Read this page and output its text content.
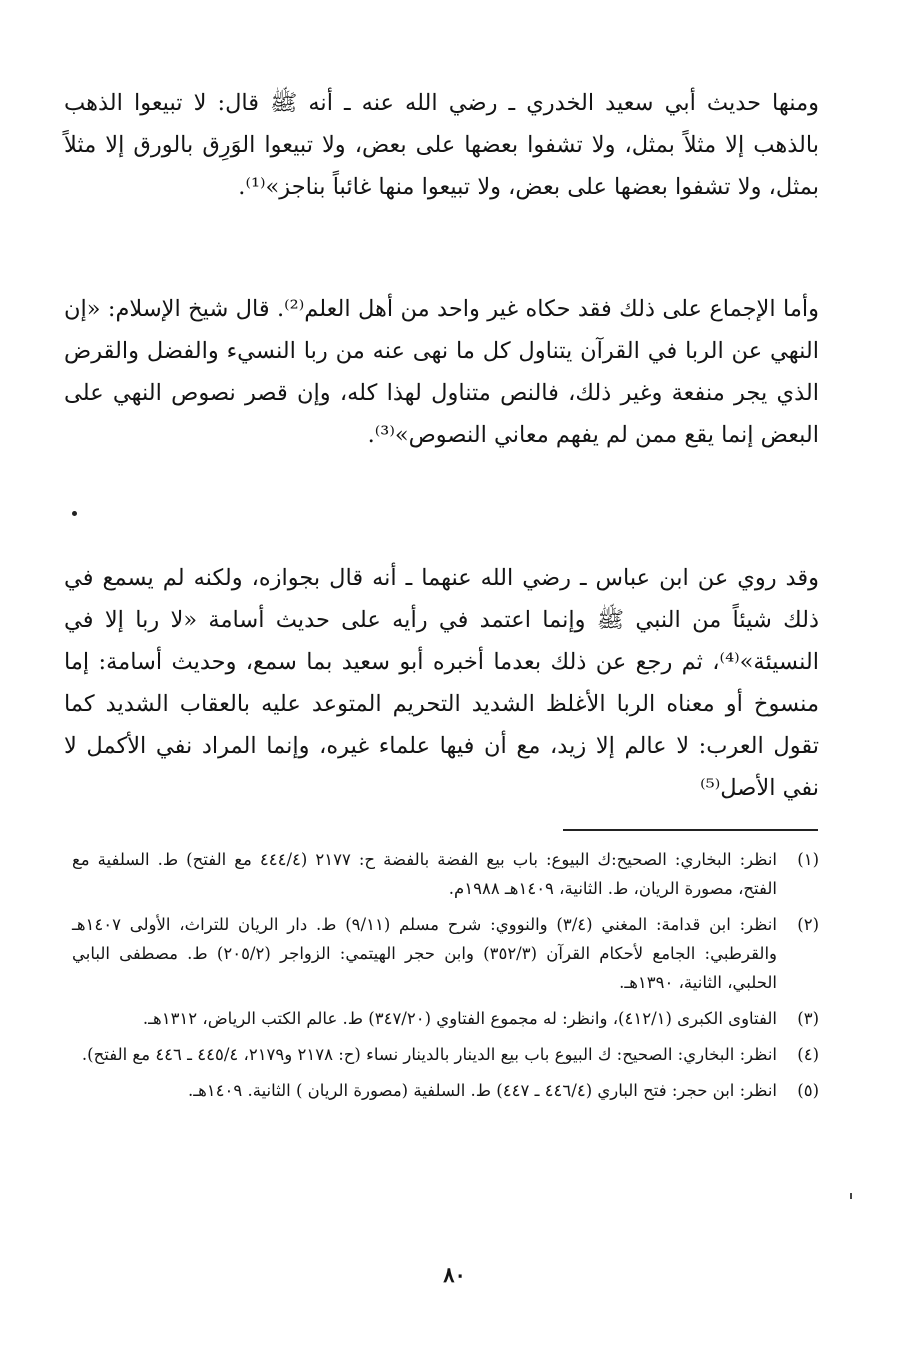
ومنها حديث أبي سعيد الخدري ـ رضي الله عنه ـ أنه ﷺ قال: لا تبيعوا الذهب بالذهب إلا مثلاً بمثل، ولا تشفوا بعضها على بعض، ولا تبيعوا الوَرِق بالورق إلا مثلاً بمثل، ولا تشفوا بعضها على بعض، ولا تبيعوا منها غائباً بناجز»⁽¹⁾.
وأما الإجماع على ذلك فقد حكاه غير واحد من أهل العلم⁽²⁾. قال شيخ الإسلام: «إن النهي عن الربا في القرآن يتناول كل ما نهى عنه من ربا النسيء والفضل والقرض الذي يجر منفعة وغير ذلك، فالنص متناول لهذا كله، وإن قصر نصوص النهي على البعض إنما يقع ممن لم يفهم معاني النصوص»⁽³⁾.
وقد روي عن ابن عباس ـ رضي الله عنهما ـ أنه قال بجوازه، ولكنه لم يسمع في ذلك شيئاً من النبي ﷺ وإنما اعتمد في رأيه على حديث أسامة «لا ربا إلا في النسيئة»⁽⁴⁾، ثم رجع عن ذلك بعدما أخبره أبو سعيد بما سمع، وحديث أسامة: إما منسوخ أو معناه الربا الأغلظ الشديد التحريم المتوعد عليه بالعقاب الشديد كما تقول العرب: لا عالم إلا زيد، مع أن فيها علماء غيره، وإنما المراد نفي الأكمل لا نفي الأصل⁽⁵⁾
(١)
انظر: البخاري: الصحيح:ك البيوع: باب بيع الفضة بالفضة ح: ٢١٧٧ (٤٤٤/٤ مع الفتح) ط. السلفية مع الفتح، مصورة الريان، ط. الثانية، ١٤٠٩هـ ١٩٨٨م.
(٢)
انظر: ابن قدامة: المغني (٣/٤) والنووي: شرح مسلم (٩/١١) ط. دار الريان للتراث، الأولى ١٤٠٧هـ والقرطبي: الجامع لأحكام القرآن (٣٥٢/٣) وابن حجر الهيتمي: الزواجر (٢٠٥/٢) ط. مصطفى البابي الحلبي، الثانية، ١٣٩٠هـ.
(٣)
الفتاوى الكبرى (٤١٢/١)، وانظر: له مجموع الفتاوي (٣٤٧/٢٠) ط. عالم الكتب الرياض، ١٣١٢هـ.
(٤)
انظر: البخاري: الصحيح: ك البيوع باب بيع الدينار بالدينار نساء (ح: ٢١٧٨ و٢١٧٩، ٤٤٥/٤ ـ ٤٤٦ مع الفتح).
(٥)
انظر: ابن حجر: فتح الباري (٤٤٦/٤ ـ ٤٤٧) ط. السلفية (مصورة الريان ) الثانية. ١٤٠٩هـ.
٨٠
